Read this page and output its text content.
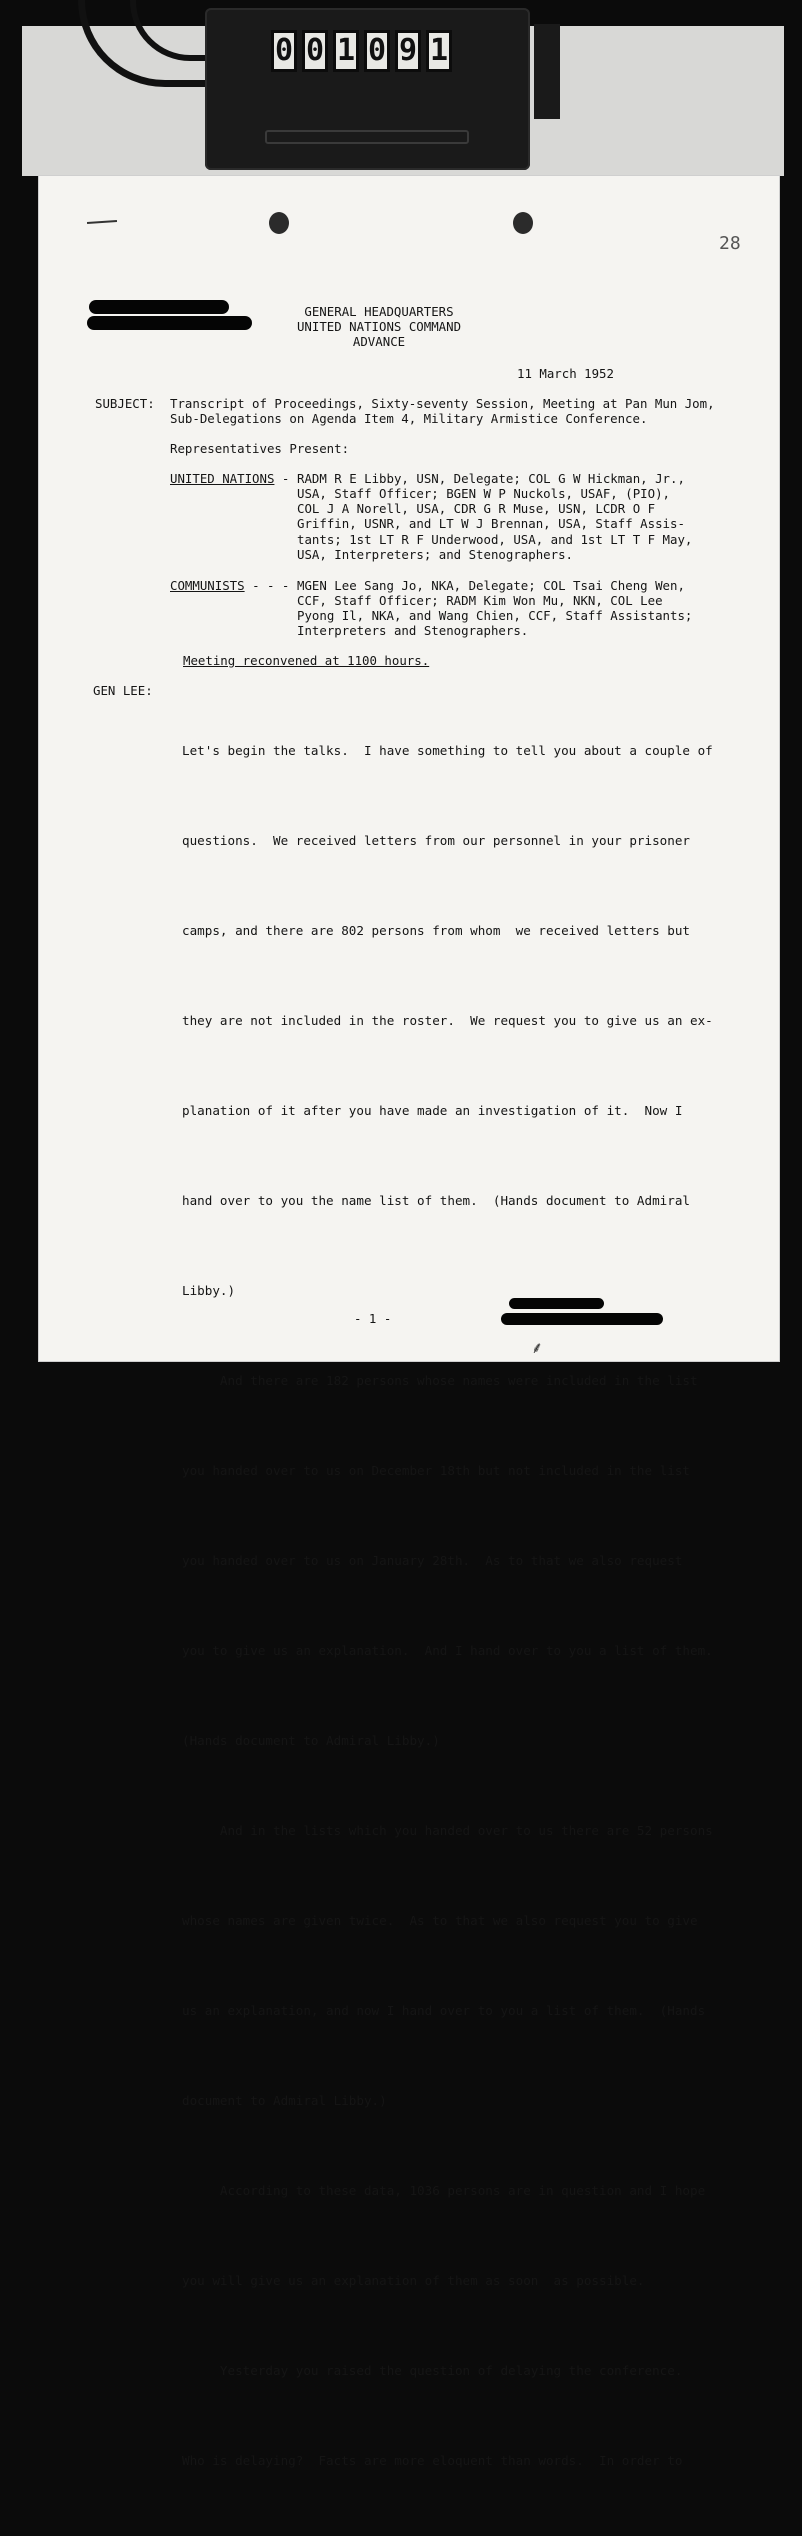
0 0 1 0 9 1
28
GENERAL HEADQUARTERS
UNITED NATIONS COMMAND
ADVANCE
11 March 1952
SUBJECT: Transcript of Proceedings, Sixty-seventy Session, Meeting at Pan Mun Jom,
Sub-Delegations on Agenda Item 4, Military Armistice Conference.
Representatives Present:
UNITED NATIONS - RADM R E Libby, USN, Delegate; COL G W Hickman, Jr.,
USA, Staff Officer; BGEN W P Nuckols, USAF, (PIO),
COL J A Norell, USA, CDR G R Muse, USN, LCDR O F
Griffin, USNR, and LT W J Brennan, USA, Staff Assis-
tants; 1st LT R F Underwood, USA, and 1st LT T F May,
USA, Interpreters; and Stenographers.
COMMUNISTS - - - MGEN Lee Sang Jo, NKA, Delegate; COL Tsai Cheng Wen,
CCF, Staff Officer; RADM Kim Won Mu, NKN, COL Lee
Pyong Il, NKA, and Wang Chien, CCF, Staff Assistants;
Interpreters and Stenographers.
Meeting reconvened at 1100 hours.
GEN LEE:

Let's begin the talks.  I have something to tell you about a couple of

questions.  We received letters from our personnel in your prisoner

camps, and there are 802 persons from whom  we received letters but

they are not included in the roster.  We request you to give us an ex-

planation of it after you have made an investigation of it.  Now I

hand over to you the name list of them.  (Hands document to Admiral

Libby.)

And there are 182 persons whose names were included in the list

you handed over to us on December 18th but not included in the list

you handed over to us on January 28th.  As to that we also request

you to give us an explanation.  And I hand over to you a list of them.

(Hands document to Admiral Libby.)

And in the lists which you handed over to us there are 52 persons

whose names are given twice.  As to that we also request you to give

us an explanation, and now I hand over to you a list of them.  (Hands

document to Admiral Libby.)

According to these data, 1036 persons are in question and I hope

you will give us an explanation of them as soon  as possible.

Yesterday you raised the question of delaying the conference.

Who is delaying?  Facts are more eloquent than words.  In order to

- 1 -
⸙
